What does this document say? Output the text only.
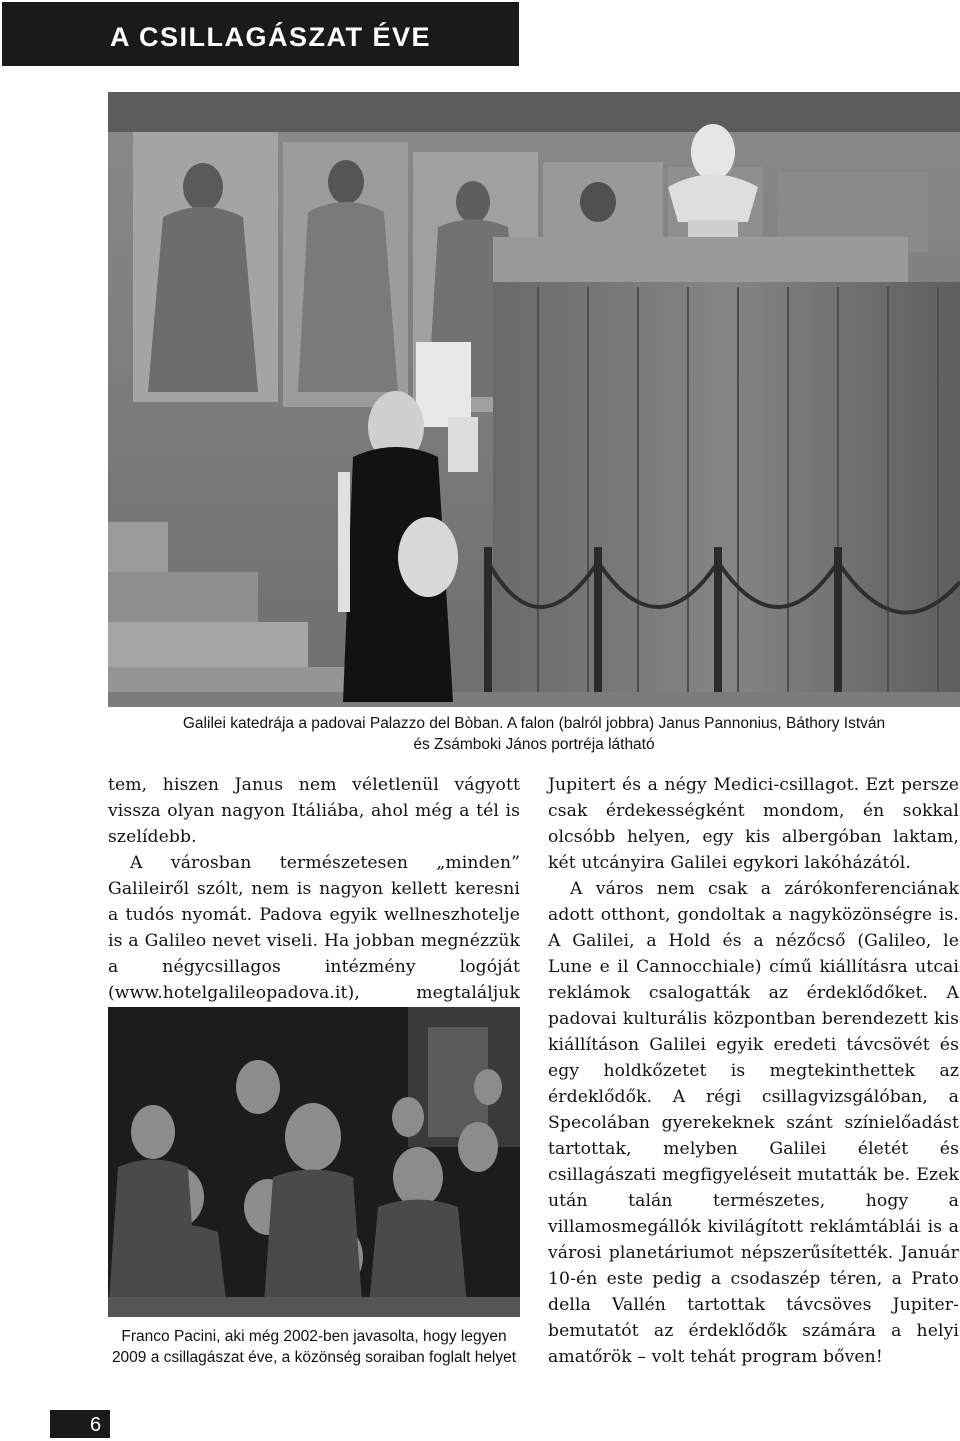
A CSILLAGÁSZAT ÉVE
Galilei katedrája a padovai Palazzo del Bòban. A falon (balról jobbra) Janus Pannonius, Báthory István
és Zsámboki János portréja látható

tem, hiszen Janus nem véletlenül vágyott vissza olyan nagyon Itáliába, ahol még a tél is szelídebb.

A városban természetesen „minden” Galileiről szólt, nem is nagyon kellett keresni a tudós nyomát. Padova egyik wellneszhotelje is a Galileo nevet viseli. Ha jobban megnézzük a négycsillagos intézmény logóját (www.hotelgalileopadova.it), megtaláljuk

Franco Pacini, aki még 2002-ben javasolta, hogy legyen
2009 a csillagászat éve, a közönség soraiban foglalt helyet

Jupitert és a négy Medici-csillagot. Ezt persze csak érdekességként mondom, én sokkal olcsóbb helyen, egy kis albergóban laktam, két utcányira Galilei egykori lakóházától.

A város nem csak a zárókonferenciának adott otthont, gondoltak a nagyközönségre is. A Galilei, a Hold és a nézőcső (Galileo, le Lune e il Cannocchiale) című kiállításra utcai reklámok csalogatták az érdeklődőket. A padovai kulturális központban berendezett kis kiállításon Galilei egyik eredeti távcsövét és egy holdkőzetet is megtekinthettek az érdeklődők. A régi csillagvizsgálóban, a Specolában gyerekeknek szánt színielőadást tartottak, melyben Galilei életét és csillagászati megfigyeléseit mutatták be. Ezek után talán természetes, hogy a villamosmegállók kivilágított reklámtáblái is a városi planetáriumot népszerűsítették. Január 10-én este pedig a csodaszép téren, a Prato della Vallén tartottak távcsöves Jupiter-bemutatót az érdeklődők számára a helyi amatőrök – volt tehát program bőven!

6
